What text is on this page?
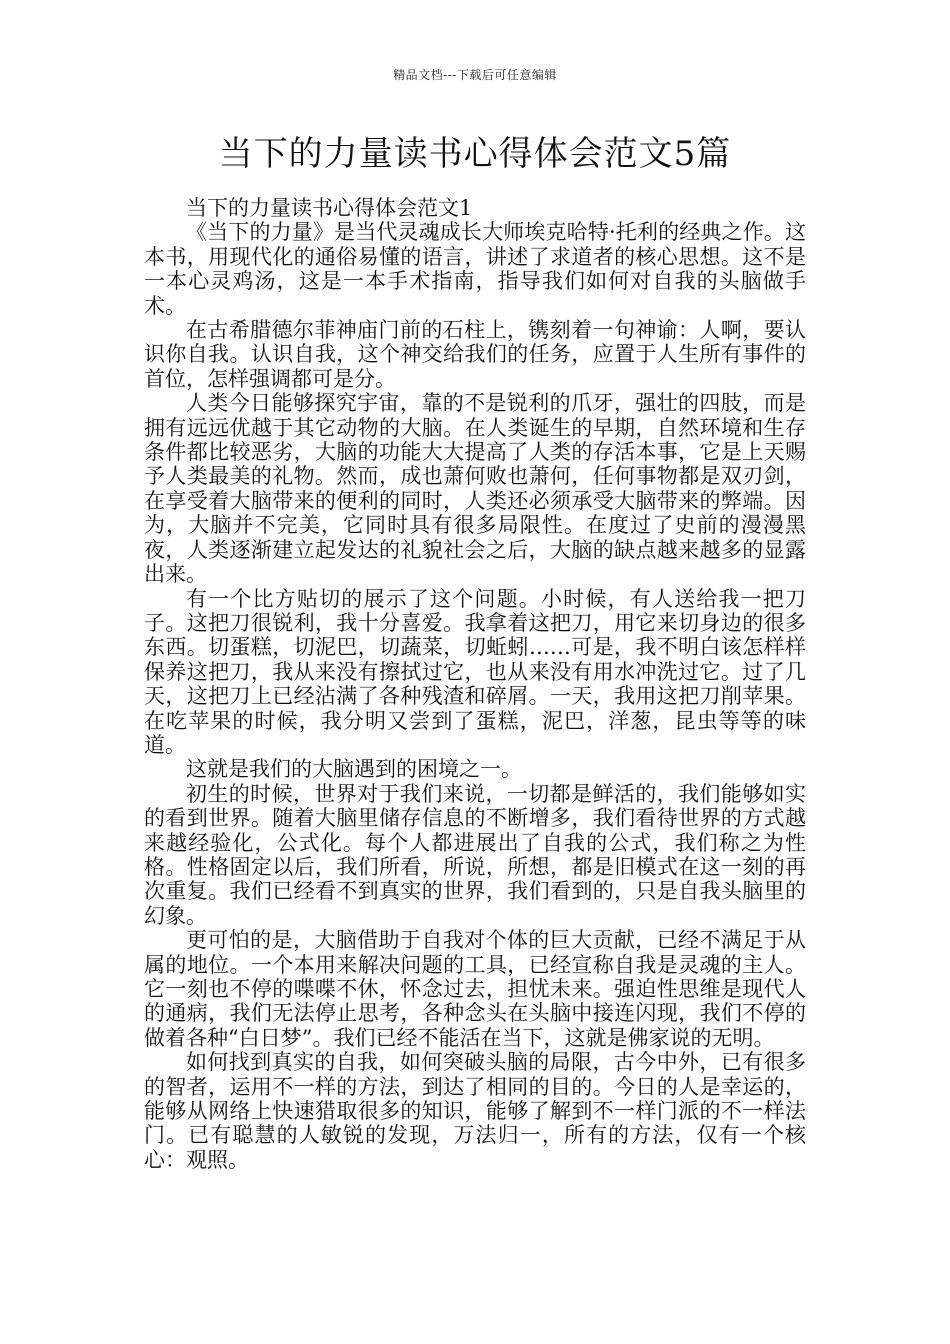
精品文档---下载后可任意编辑
当下的力量读书心得体会范文5篇

当下的力量读书心得体会范文1

《当下的力量》是当代灵魂成长大师埃克哈特·托利的经典之作。这本书，用现代化的通俗易懂的语言，讲述了求道者的核心思想。这不是一本心灵鸡汤，这是一本手术指南，指导我们如何对自我的头脑做手术。

在古希腊德尔菲神庙门前的石柱上，镌刻着一句神谕：人啊，要认识你自我。认识自我，这个神交给我们的任务，应置于人生所有事件的首位，怎样强调都可是分。

人类今日能够探究宇宙，靠的不是锐利的爪牙，强壮的四肢，而是拥有远远优越于其它动物的大脑。在人类诞生的早期，自然环境和生存条件都比较恶劣，大脑的功能大大提高了人类的存活本事，它是上天赐予人类最美的礼物。然而，成也萧何败也萧何，任何事物都是双刃剑，在享受着大脑带来的便利的同时，人类还必须承受大脑带来的弊端。因为，大脑并不完美，它同时具有很多局限性。在度过了史前的漫漫黑夜，人类逐渐建立起发达的礼貌社会之后，大脑的缺点越来越多的显露出来。

有一个比方贴切的展示了这个问题。小时候，有人送给我一把刀子。这把刀很锐利，我十分喜爱。我拿着这把刀，用它来切身边的很多东西。切蛋糕，切泥巴，切蔬菜，切蚯蚓……可是，我不明白该怎样样保养这把刀，我从来没有擦拭过它，也从来没有用水冲洗过它。过了几天，这把刀上已经沾满了各种残渣和碎屑。一天，我用这把刀削苹果。在吃苹果的时候，我分明又尝到了蛋糕，泥巴，洋葱，昆虫等等的味道。

这就是我们的大脑遇到的困境之一。

初生的时候，世界对于我们来说，一切都是鲜活的，我们能够如实的看到世界。随着大脑里储存信息的不断增多，我们看待世界的方式越来越经验化，公式化。每个人都进展出了自我的公式，我们称之为性格。性格固定以后，我们所看，所说，所想，都是旧模式在这一刻的再次重复。我们已经看不到真实的世界，我们看到的，只是自我头脑里的幻象。

更可怕的是，大脑借助于自我对个体的巨大贡献，已经不满足于从属的地位。一个本用来解决问题的工具，已经宣称自我是灵魂的主人。它一刻也不停的喋喋不休，怀念过去，担忧未来。强迫性思维是现代人的通病，我们无法停止思考，各种念头在头脑中接连闪现，我们不停的做着各种“白日梦”。我们已经不能活在当下，这就是佛家说的无明。

如何找到真实的自我，如何突破头脑的局限，古今中外，已有很多的智者，运用不一样的方法，到达了相同的目的。今日的人是幸运的，能够从网络上快速猎取很多的知识，能够了解到不一样门派的不一样法门。已有聪慧的人敏锐的发现，万法归一，所有的方法，仅有一个核心：观照。
